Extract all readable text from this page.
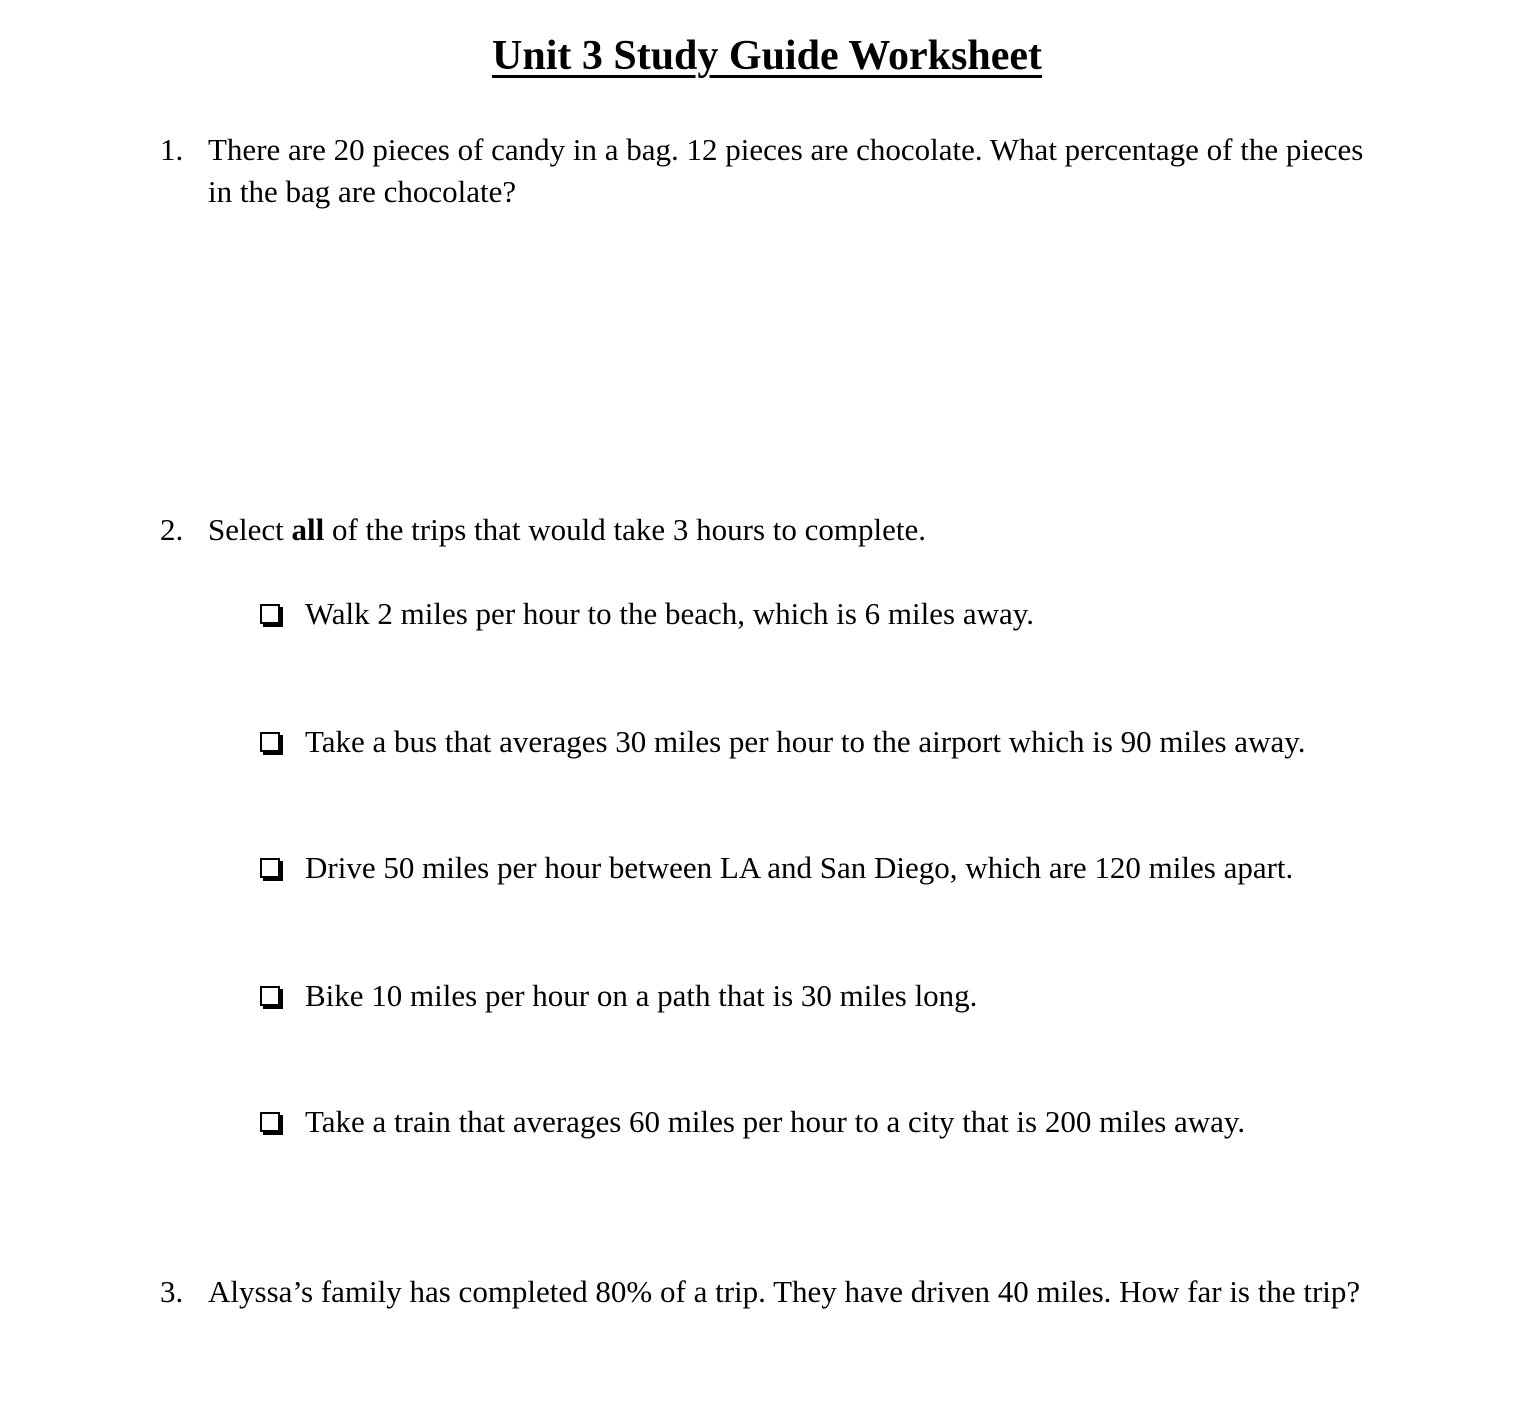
Unit 3 Study Guide Worksheet
1. There are 20 pieces of candy in a bag. 12 pieces are chocolate. What percentage of the pieces in the bag are chocolate?
2. Select all of the trips that would take 3 hours to complete.
Walk 2 miles per hour to the beach, which is 6 miles away.
Take a bus that averages 30 miles per hour to the airport which is 90 miles away.
Drive 50 miles per hour between LA and San Diego, which are 120 miles apart.
Bike 10 miles per hour on a path that is 30 miles long.
Take a train that averages 60 miles per hour to a city that is 200 miles away.
3. Alyssa’s family has completed 80% of a trip. They have driven 40 miles. How far is the trip?
